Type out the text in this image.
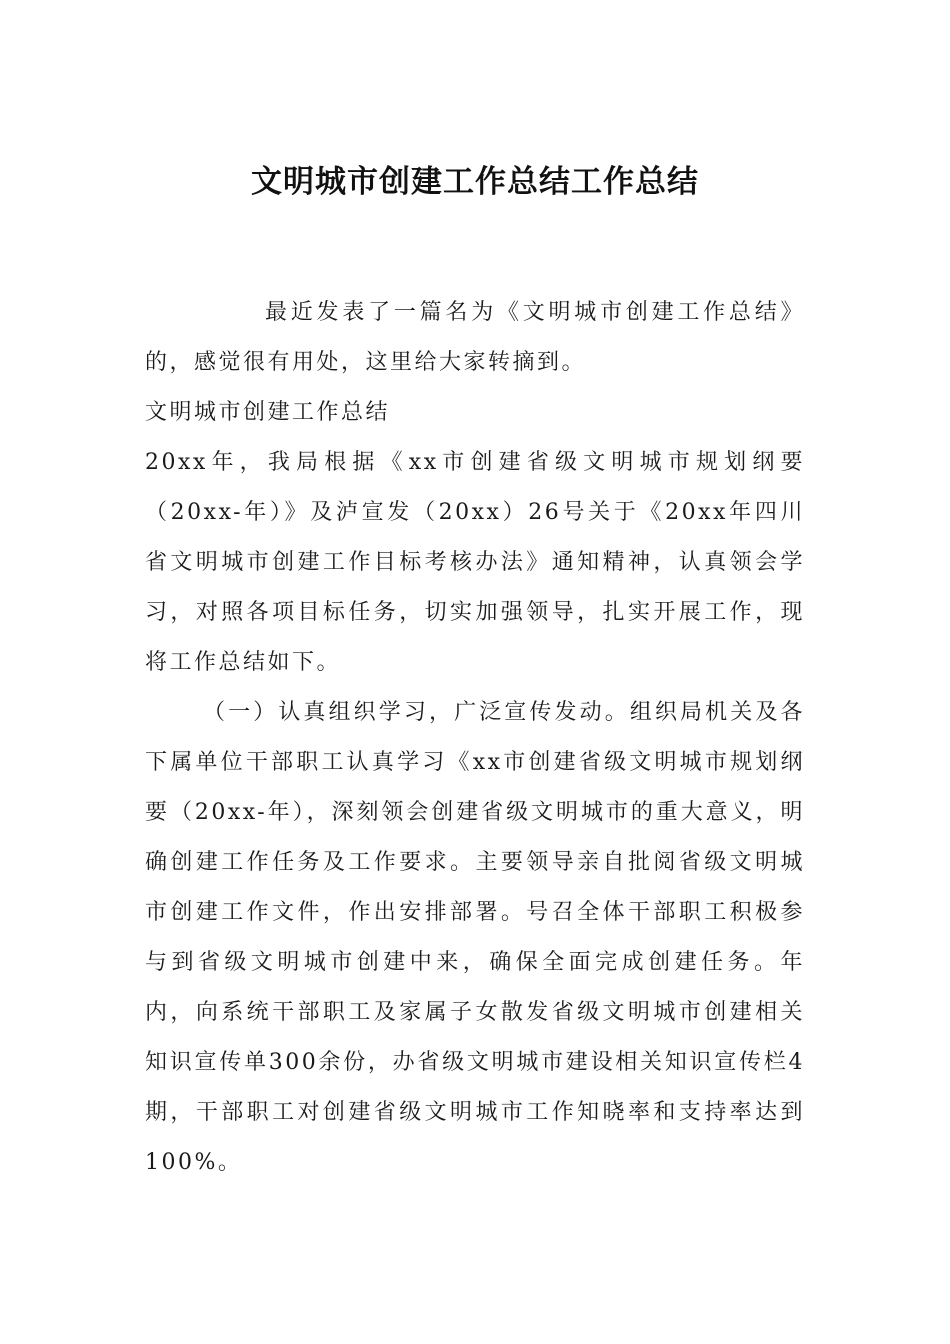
文明城市创建工作总结工作总结

最近发表了一篇名为《文明城市创建工作总结》的，感觉很有用处，这里给大家转摘到。

文明城市创建工作总结

20xx年，我局根据《xx市创建省级文明城市规划纲要（20xx-年）》及泸宣发（20xx）26号关于《20xx年四川省文明城市创建工作目标考核办法》通知精神，认真领会学习，对照各项目标任务，切实加强领导，扎实开展工作，现将工作总结如下。

（一）认真组织学习，广泛宣传发动。组织局机关及各下属单位干部职工认真学习《xx市创建省级文明城市规划纲要（20xx-年），深刻领会创建省级文明城市的重大意义，明确创建工作任务及工作要求。主要领导亲自批阅省级文明城市创建工作文件，作出安排部署。号召全体干部职工积极参与到省级文明城市创建中来，确保全面完成创建任务。年内，向系统干部职工及家属子女散发省级文明城市创建相关知识宣传单300余份，办省级文明城市建设相关知识宣传栏4期，干部职工对创建省级文明城市工作知晓率和支持率达到100%。
